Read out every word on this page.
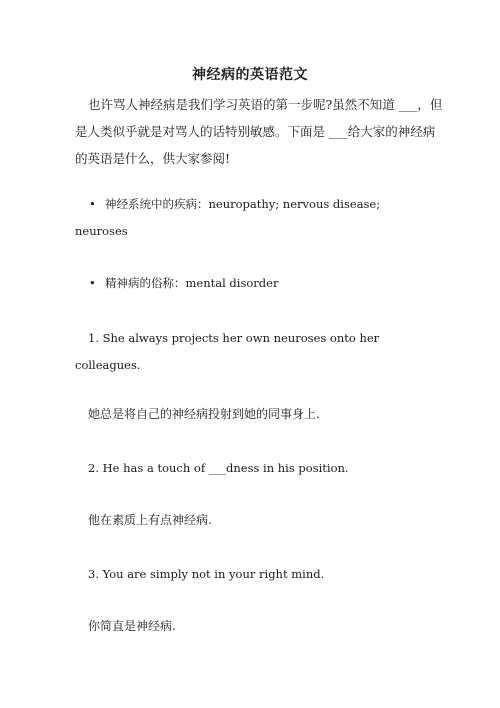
神经病的英语范文
也许骂人神经病是我们学习英语的第一步呢?虽然不知道 ___，但
是人类似乎就是对骂人的话特别敏感。下面是 ___给大家的神经病
的英语是什么，供大家参阅!
• 神经系统中的疾病：neuropathy; nervous disease;
neuroses
• 精神病的俗称：mental disorder
1. She always projects her own neuroses onto her
colleagues.
她总是将自己的神经病投射到她的同事身上.
2. He has a touch of ___dness in his position.
他在素质上有点神经病.
3. You are simply not in your right mind.
你简直是神经病.
